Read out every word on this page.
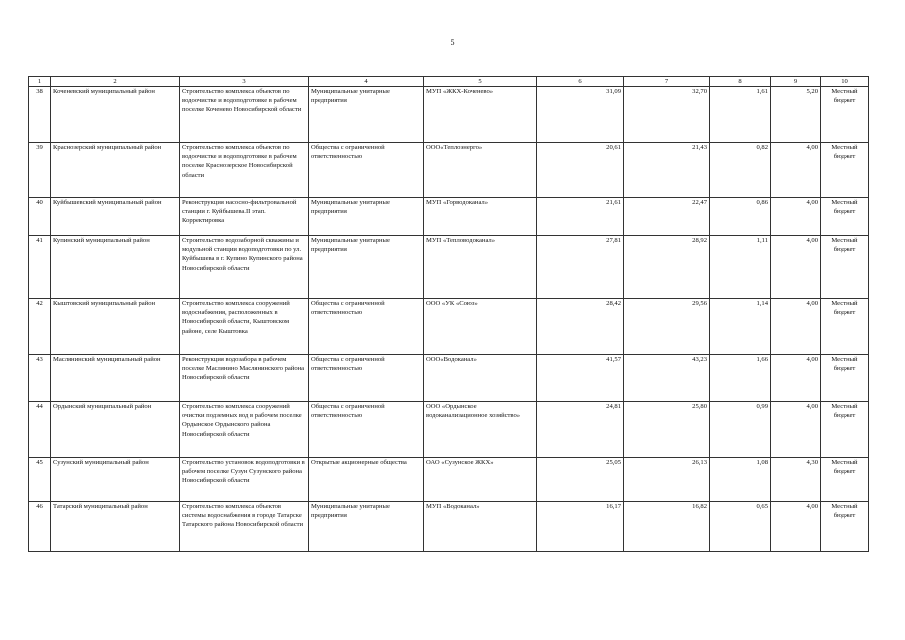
5
1	2	3	4	5	6	7	8	9	10
38	Коченевский муниципальный район	Строительство комплекса объектов по водоочистке и водоподготовке в рабочем поселке Коченево Новосибирской области	Муниципальные унитарные предприятия	МУП «ЖКХ-Коченево»	31,09	32,70	1,61	5,20	Местный бюджет
39	Краснозерский муниципальный район	Строительство комплекса объектов по водоочистке и водоподготовке в рабочем поселке Краснозерское Новосибирской области	Общества с ограниченной ответственностью	ООО«Теплоэнерго»	20,61	21,43	0,82	4,00	Местный бюджет
40	Куйбышевский муниципальный район	Реконструкция насосно-фильтровальной станции г. Куйбышева.II этап. Корректировка	Муниципальные унитарные предприятия	МУП «Горводоканал»	21,61	22,47	0,86	4,00	Местный бюджет
41	Купинский муниципальный район	Строительство водозаборной скважины и модульной станции водоподготовки по ул. Куйбышева в г. Купино Купинского района Новосибирской области	Муниципальные унитарные предприятия	МУП «Тепловодоканал»	27,81	28,92	1,11	4,00	Местный бюджет
42	Кыштовский муниципальный район	Строительство комплекса сооружений водоснабжения, расположенных в Новосибирской области, Кыштовском районе, селе Кыштовка	Общества с ограниченной ответственностью	ООО «УК «Союз»	28,42	29,56	1,14	4,00	Местный бюджет
43	Маслянинский муниципальный район	Реконструкция водозабора в рабочем поселке Маслянино Маслянинского района Новосибирской области	Общества с ограниченной ответственностью	ООО«Водоканал»	41,57	43,23	1,66	4,00	Местный бюджет
44	Ордынский муниципальный район	Строительство комплекса сооружений очистки подземных вод в рабочем поселке Ордынское Ордынского района Новосибирской области	Общества с ограниченной ответственностью	ООО «Ордынское водоканализационное хозяйство»	24,81	25,80	0,99	4,00	Местный бюджет
45	Сузунский муниципальный район	Строительство установок водоподготовки в рабочем поселке Сузун Сузунского района Новосибирской области	Открытые акционерные общества	ОАО «Сузунское ЖКХ»	25,05	26,13	1,08	4,30	Местный бюджет
46	Татарский муниципальный район	Строительство комплекса объектов системы водоснабжения в городе Татарске Татарского района Новосибирской области	Муниципальные унитарные предприятия	МУП «Водоканал»	16,17	16,82	0,65	4,00	Местный бюджет
